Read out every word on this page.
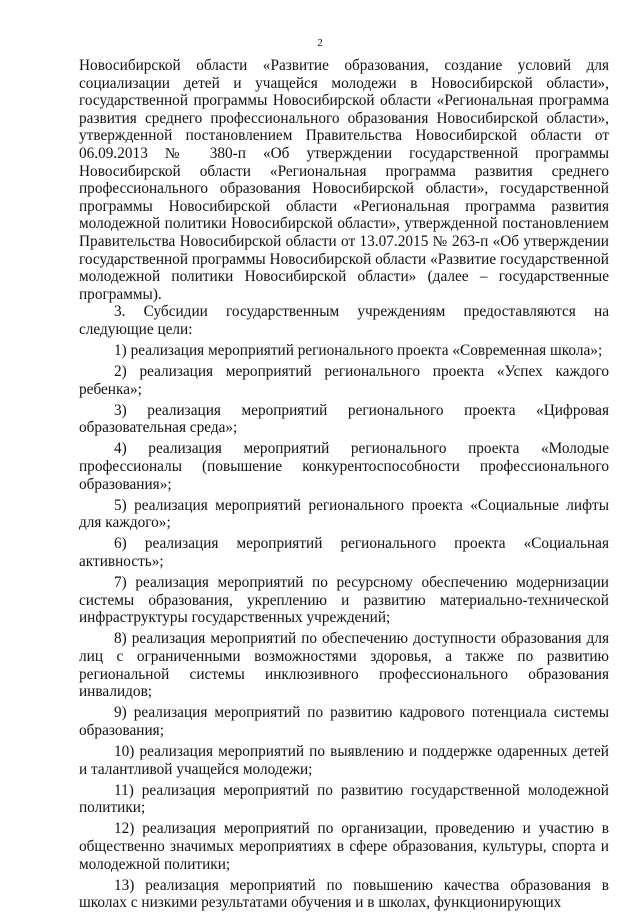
2

Новосибирской области «Развитие образования, создание условий для социализации детей и учащейся молодежи в Новосибирской области», государственной программы Новосибирской области «Региональная программа развития среднего профессионального образования Новосибирской области», утвержденной постановлением Правительства Новосибирской области от 06.09.2013 № 380-п «Об утверждении государственной программы Новосибирской области «Региональная программа развития среднего профессионального образования Новосибирской области», государственной программы Новосибирской области «Региональная программа развития молодежной политики Новосибирской области», утвержденной постановлением Правительства Новосибирской области от 13.07.2015 № 263-п «Об утверждении государственной программы Новосибирской области «Развитие государственной молодежной политики Новосибирской области» (далее – государственные программы).

3. Субсидии государственным учреждениям предоставляются на следующие цели:

1) реализация мероприятий регионального проекта «Современная школа»;

2) реализация мероприятий регионального проекта «Успех каждого ребенка»;

3) реализация мероприятий регионального проекта «Цифровая образовательная среда»;

4) реализация мероприятий регионального проекта «Молодые профессионалы (повышение конкурентоспособности профессионального образования»;

5) реализация мероприятий регионального проекта «Социальные лифты для каждого»;

6) реализация мероприятий регионального проекта «Социальная активность»;

7) реализация мероприятий по ресурсному обеспечению модернизации системы образования, укреплению и развитию материально-технической инфраструктуры государственных учреждений;

8) реализация мероприятий по обеспечению доступности образования для лиц с ограниченными возможностями здоровья, а также по развитию региональной системы инклюзивного профессионального образования инвалидов;

9) реализация мероприятий по развитию кадрового потенциала системы образования;

10) реализация мероприятий по выявлению и поддержке одаренных детей и талантливой учащейся молодежи;

11) реализация мероприятий по развитию государственной молодежной политики;

12) реализация мероприятий по организации, проведению и участию в общественно значимых мероприятиях в сфере образования, культуры, спорта и молодежной политики;

13) реализация мероприятий по повышению качества образования в школах с низкими результатами обучения и в школах, функционирующих
